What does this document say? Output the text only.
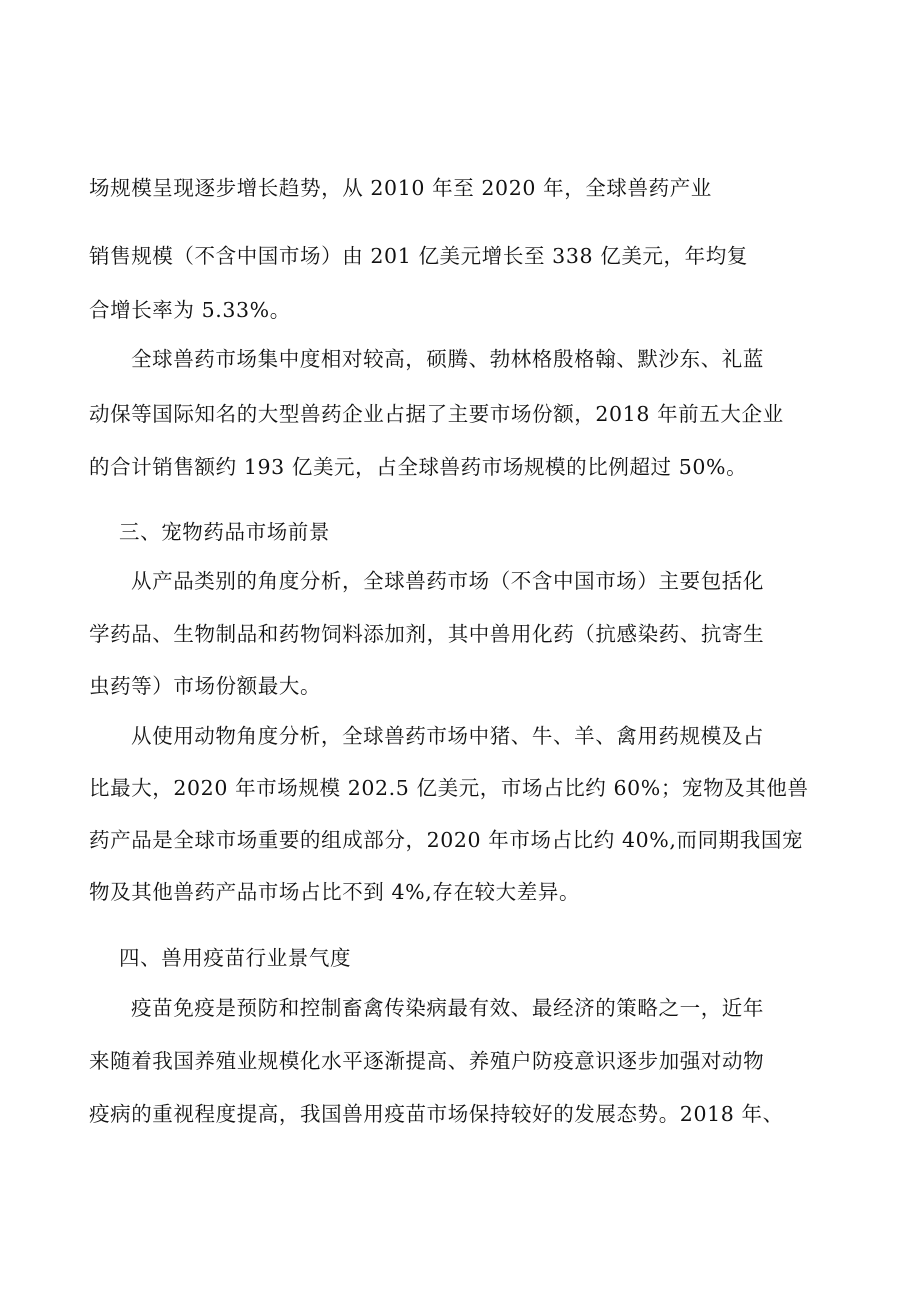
场规模呈现逐步增长趋势，从 2010 年至 2020 年，全球兽药产业

销售规模（不含中国市场）由 201 亿美元增长至 338 亿美元，年均复

合增长率为 5.33%。

全球兽药市场集中度相对较高，硕腾、勃林格殷格翰、默沙东、礼蓝

动保等国际知名的大型兽药企业占据了主要市场份额，2018 年前五大企业

的合计销售额约 193 亿美元，占全球兽药市场规模的比例超过 50%。

三、宠物药品市场前景

从产品类别的角度分析，全球兽药市场（不含中国市场）主要包括化

学药品、生物制品和药物饲料添加剂，其中兽用化药（抗感染药、抗寄生

虫药等）市场份额最大。

从使用动物角度分析，全球兽药市场中猪、牛、羊、禽用药规模及占

比最大，2020 年市场规模 202.5 亿美元，市场占比约 60%；宠物及其他兽

药产品是全球市场重要的组成部分，2020 年市场占比约 40%,而同期我国宠

物及其他兽药产品市场占比不到 4%,存在较大差异。

四、兽用疫苗行业景气度

疫苗免疫是预防和控制畜禽传染病最有效、最经济的策略之一，近年

来随着我国养殖业规模化水平逐渐提高、养殖户防疫意识逐步加强对动物

疫病的重视程度提高，我国兽用疫苗市场保持较好的发展态势。2018 年、
